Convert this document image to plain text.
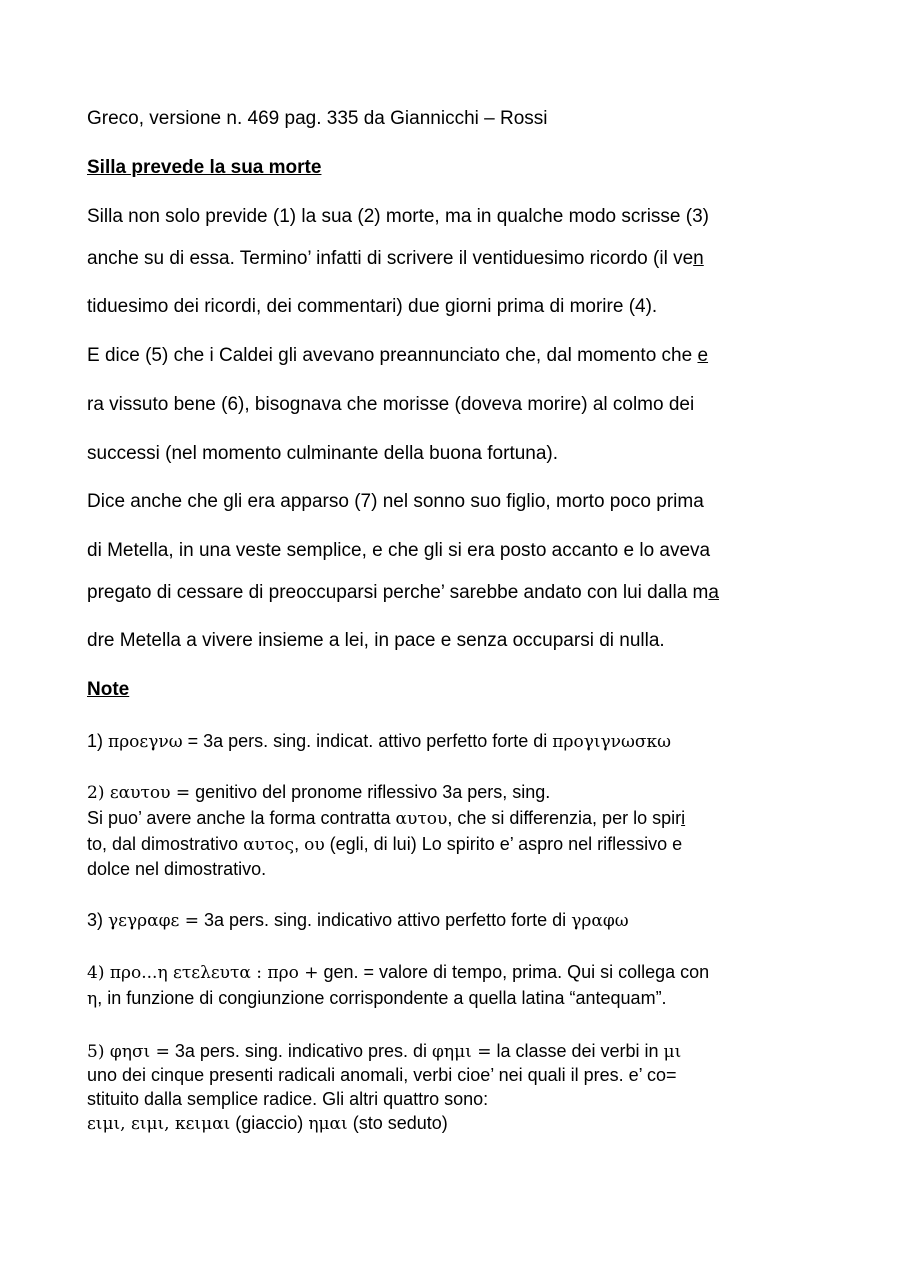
Greco, versione n. 469 pag. 335 da Giannicchi – Rossi
Silla prevede la sua morte
Silla non solo previde (1) la sua (2) morte, ma in qualche modo scrisse (3)
anche su di essa. Termino’ infatti di scrivere il ventiduesimo ricordo (il ven
tiduesimo dei ricordi, dei commentari) due giorni prima di morire (4).
E dice (5) che i Caldei gli avevano preannunciato che, dal momento che e
ra vissuto bene (6), bisognava che morisse (doveva morire) al colmo dei
successi (nel momento culminante della buona fortuna).
Dice anche che gli era apparso (7) nel sonno suo figlio, morto poco prima
di Metella, in una veste semplice, e che gli si era posto accanto e lo aveva
pregato di cessare di preoccuparsi perche’ sarebbe andato con lui dalla ma
dre Metella a vivere insieme a lei, in pace e senza occuparsi di nulla.
Note
1) προεγνω = 3a pers. sing. indicat. attivo perfetto forte di προγιγνωσκω
2) εαυτου = genitivo del pronome riflessivo 3a pers, sing.
Si puo’ avere anche la forma contratta αυτου, che si differenzia, per lo spiri
to, dal dimostrativo αυτος, ου (egli, di lui) Lo spirito e’ aspro nel riflessivo e
dolce nel dimostrativo.
3) γεγραφε = 3a pers. sing. indicativo attivo perfetto forte di γραφω
4) προ...η ετελευτα : προ + gen. = valore di tempo, prima. Qui si collega con
η, in funzione di congiunzione corrispondente a quella latina “antequam”.
5) φησι = 3a pers. sing. indicativo pres. di φημι = la classe dei verbi in μι
uno dei cinque presenti radicali anomali, verbi cioe’ nei quali il pres. e’ co=
stituito dalla semplice radice. Gli altri quattro sono:
ειμι, ειμι, κειμαι (giaccio) ημαι (sto seduto)
